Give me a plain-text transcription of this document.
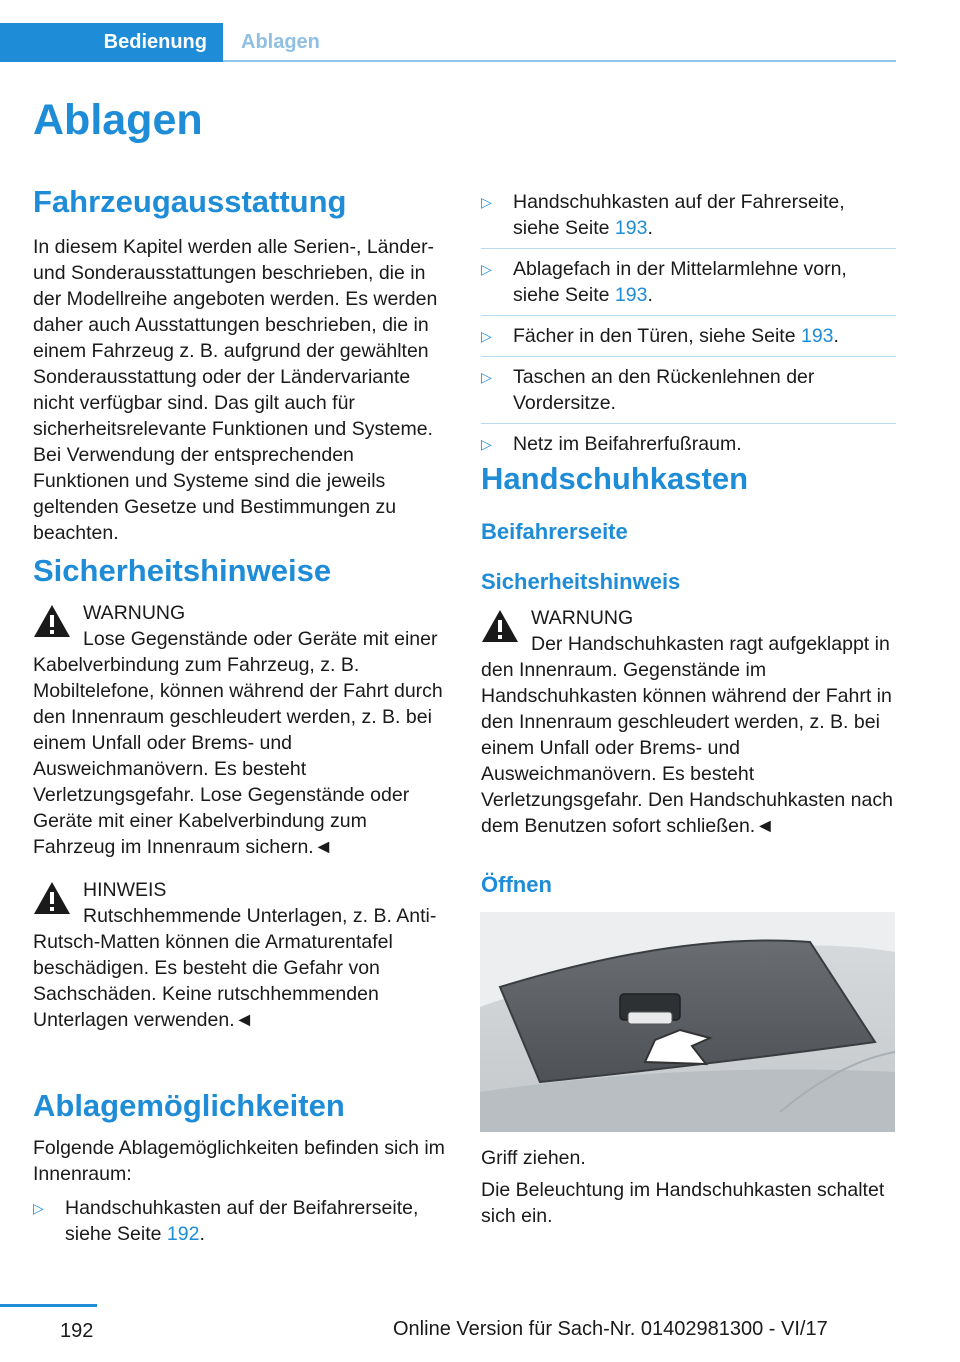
Bedienung	Ablagen
Ablagen
Fahrzeugausstattung

In diesem Kapitel werden alle Serien-, Länder- und Sonderausstattungen beschrieben, die in der Modellreihe angeboten werden. Es werden daher auch Ausstattungen beschrieben, die in einem Fahrzeug z. B. aufgrund der gewählten Sonderausstattung oder der Ländervariante nicht verfügbar sind. Das gilt auch für sicherheitsrelevante Funktionen und Systeme. Bei Verwendung der entsprechenden Funktionen und Systeme sind die jeweils geltenden Gesetze und Bestimmungen zu beachten.

Sicherheitshinweise
WARNUNG

Lose Gegenstände oder Geräte mit einer Kabelverbindung zum Fahrzeug, z. B. Mobiltelefone, können während der Fahrt durch den Innenraum geschleudert werden, z. B. bei einem Unfall oder Brems- und Ausweichmanövern. Es besteht Verletzungsgefahr. Lose Gegenstände oder Geräte mit einer Kabelverbindung zum Fahrzeug im Innenraum sichern.◄

HINWEIS

Rutschhemmende Unterlagen, z. B. Anti-Rutsch-Matten können die Armaturentafel beschädigen. Es besteht die Gefahr von Sachschäden. Keine rutschhemmenden Unterlagen verwenden.◄

Ablagemöglichkeiten

Folgende Ablagemöglichkeiten befinden sich im Innenraum:

▷ Handschuhkasten auf der Beifahrerseite, siehe Seite 192.
▷ Handschuhkasten auf der Fahrerseite, siehe Seite 193.
▷ Ablagefach in der Mittelarmlehne vorn, siehe Seite 193.
▷ Fächer in den Türen, siehe Seite 193.
▷ Taschen an den Rückenlehnen der Vordersitze.
▷ Netz im Beifahrerfußraum.
Handschuhkasten
Beifahrerseite
Sicherheitshinweis
WARNUNG

Der Handschuhkasten ragt aufgeklappt in den Innenraum. Gegenstände im Handschuhkasten können während der Fahrt in den Innenraum geschleudert werden, z. B. bei einem Unfall oder Brems- und Ausweichmanövern. Es besteht Verletzungsgefahr. Den Handschuhkasten nach dem Benutzen sofort schließen.◄

Öffnen

Griff ziehen.

Die Beleuchtung im Handschuhkasten schaltet sich ein.

192	Online Version für Sach-Nr. 01402981300 - VI/17
